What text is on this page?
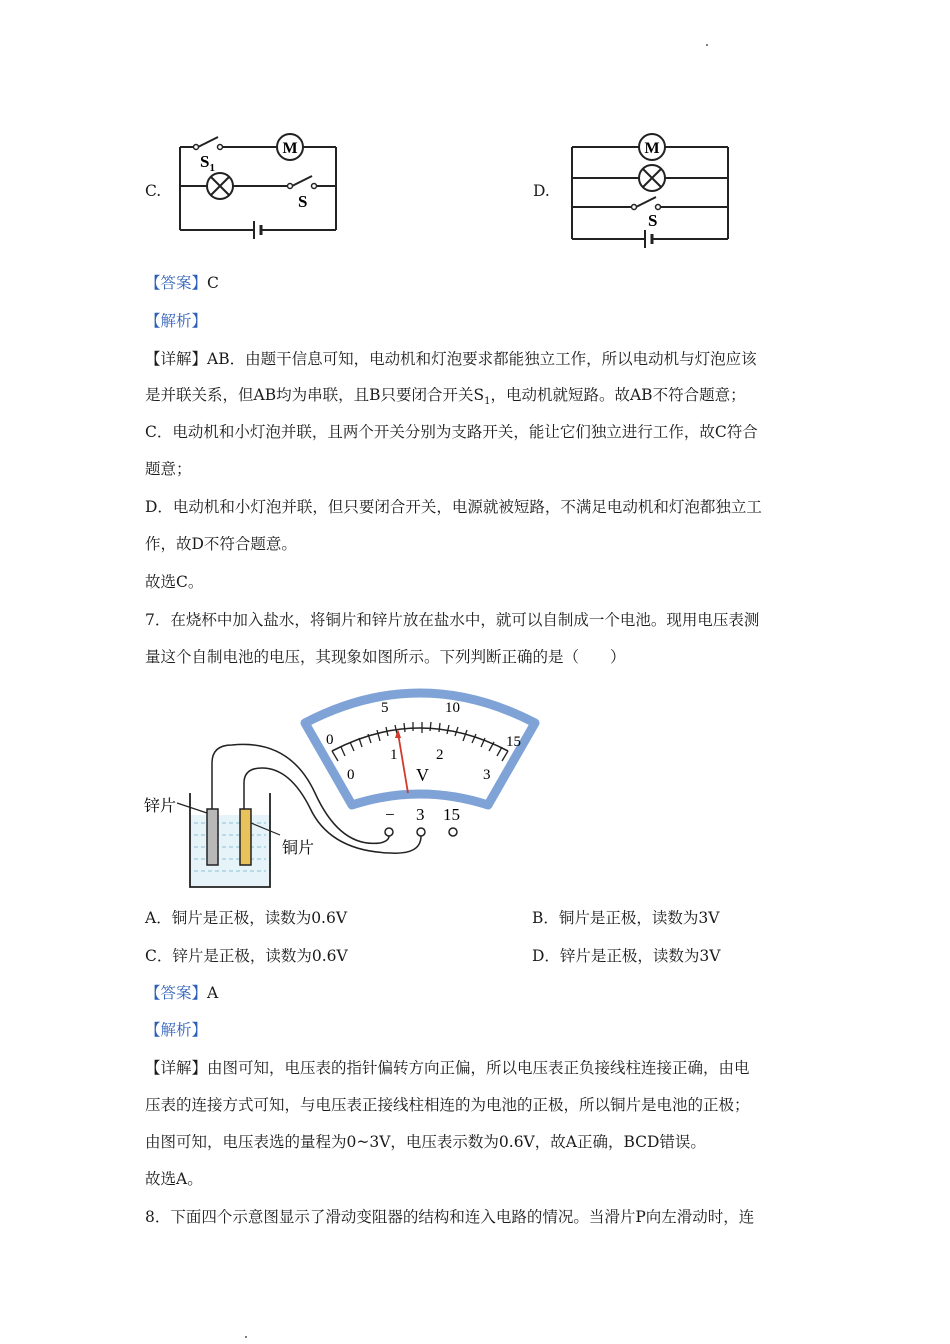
C.
M
$S_1$
S
D.
M
S
【答案】C
【解析】
【详解】AB．由题干信息可知，电动机和灯泡要求都能独立工作，所以电动机与灯泡应该
是并联关系，但AB均为串联，且B只要闭合开关$S_1$，电动机就短路。故AB不符合题意；
C．电动机和小灯泡并联，且两个开关分别为支路开关，能让它们独立进行工作，故C符合
题意；
D．电动机和小灯泡并联，但只要闭合开关，电源就被短路，不满足电动机和灯泡都独立工
作，故D不符合题意。
故选C。
7．在烧杯中加入盐水，将铜片和锌片放在盐水中，就可以自制成一个电池。现用电压表测
量这个自制电池的电压，其现象如图所示。下列判断正确的是（　　）
0
5	10
15
0
1	2
3
V
− 3 15
锌片
铜片
A．铜片是正极，读数为0.6V	B．铜片是正极，读数为3V
C．锌片是正极，读数为0.6V	D．锌片是正极，读数为3V
【答案】A
【解析】
【详解】由图可知，电压表的指针偏转方向正偏，所以电压表正负接线柱连接正确，由电
压表的连接方式可知，与电压表正接线柱相连的为电池的正极，所以铜片是电池的正极；
由图可知，电压表选的量程为0~3V，电压表示数为0.6V，故A正确，BCD错误。
故选A。
8．下面四个示意图显示了滑动变阻器的结构和连入电路的情况。当滑片P向左滑动时，连
